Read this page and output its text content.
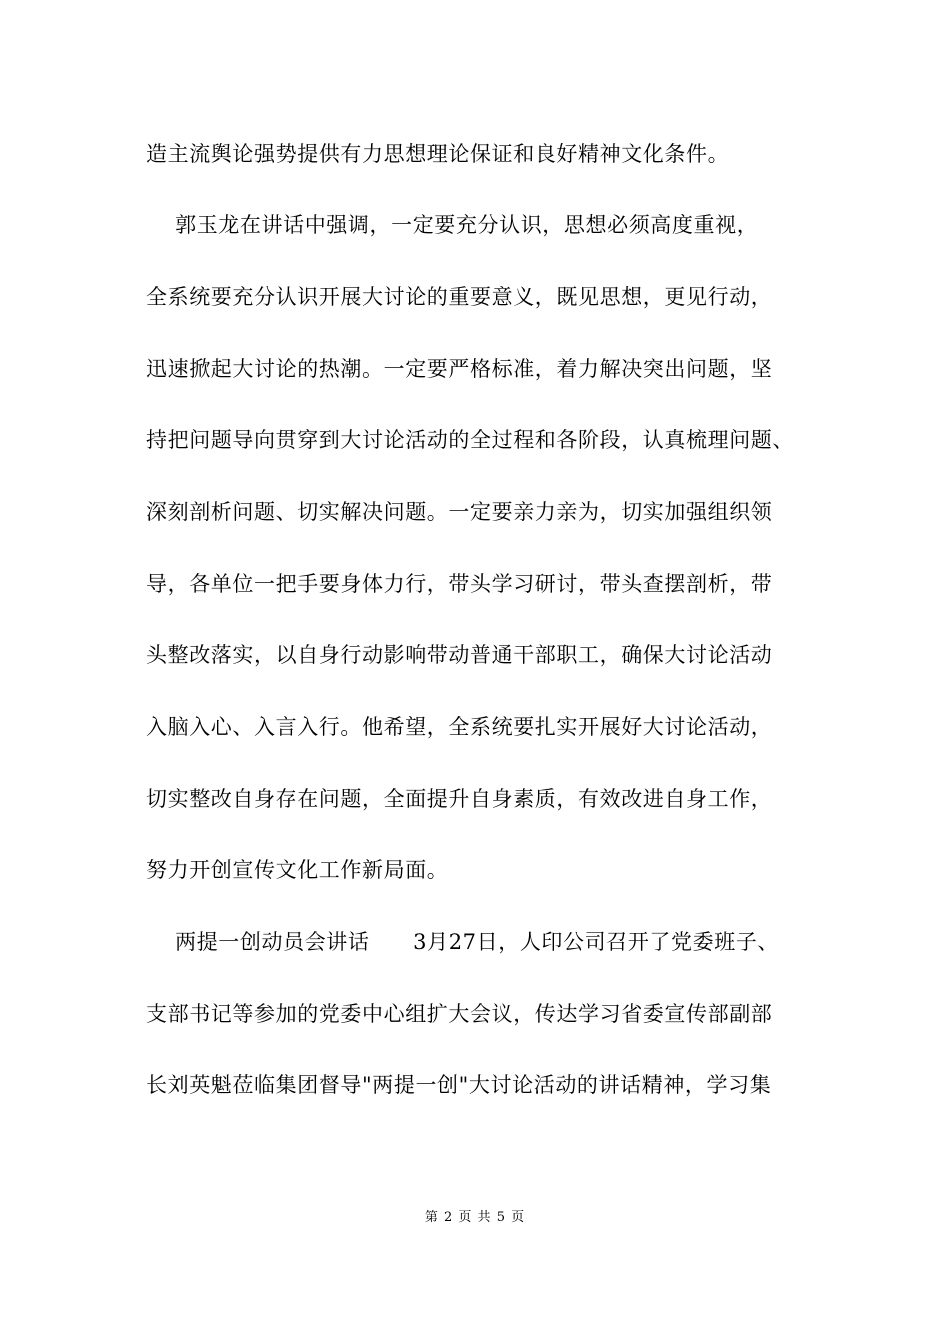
造主流舆论强势提供有力思想理论保证和良好精神文化条件。
郭玉龙在讲话中强调，一定要充分认识，思想必须高度重视，
全系统要充分认识开展大讨论的重要意义，既见思想，更见行动，
迅速掀起大讨论的热潮。一定要严格标准，着力解决突出问题，坚
持把问题导向贯穿到大讨论活动的全过程和各阶段，认真梳理问题、
深刻剖析问题、切实解决问题。一定要亲力亲为，切实加强组织领
导，各单位一把手要身体力行，带头学习研讨，带头查摆剖析，带
头整改落实，以自身行动影响带动普通干部职工，确保大讨论活动
入脑入心、入言入行。他希望，全系统要扎实开展好大讨论活动，
切实整改自身存在问题，全面提升自身素质，有效改进自身工作，
努力开创宣传文化工作新局面。
两提一创动员会讲话      3月27日，人印公司召开了党委班子、
支部书记等参加的党委中心组扩大会议，传达学习省委宣传部副部
长刘英魁莅临集团督导"两提一创"大讨论活动的讲话精神，学习集
第 2 页 共 5 页
